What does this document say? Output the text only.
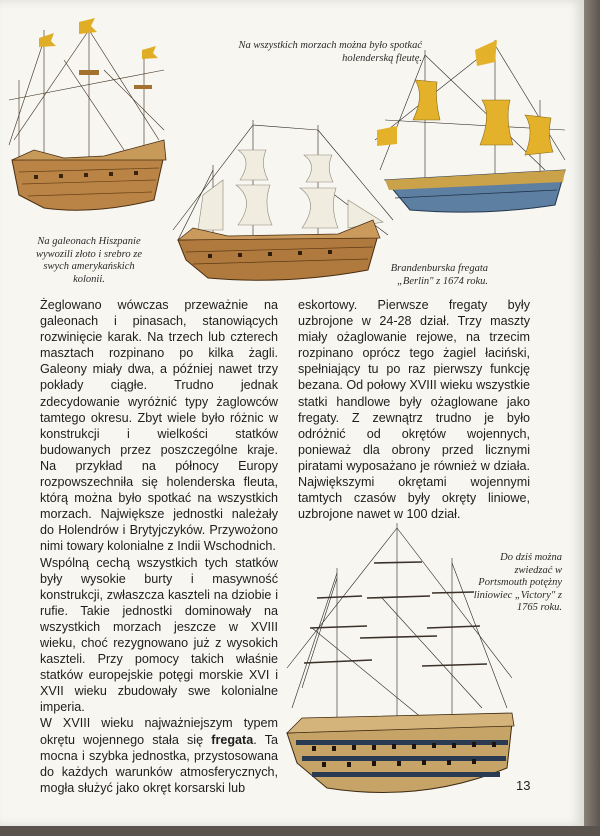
Na wszystkich morzach można było spotkać holenderską fleutę.
Na galeonach Hiszpanie wywozili złoto i srebro ze swych amerykańskich kolonii.
Brandenburska fregata „Berlin" z 1674 roku.

Żeglowano wówczas przeważnie na galeonach i pinasach, stanowiących rozwinięcie karak. Na trzech lub czterech masztach rozpinano po kilka żagli. Galeony miały dwa, a później nawet trzy pokłady ciągłe. Trudno jednak zdecydowanie wyróżnić typy żaglowców tamtego okresu. Zbyt wiele było różnic w konstrukcji i wielkości statków budowanych przez poszczególne kraje. Na przykład na północy Europy rozpowszechniła się holenderska fleuta, którą można było spotkać na wszystkich morzach. Największe jednostki należały do Holendrów i Brytyjczyków. Przywożono nimi towary kolonialne z Indii Wschodnich.

Wspólną cechą wszystkich tych statków były wysokie burty i masywność konstrukcji, zwłaszcza kaszteli na dziobie i rufie. Takie jednostki dominowały na wszystkich morzach jeszcze w XVIII wieku, choć rezygnowano już z wysokich kaszteli. Przy pomocy takich właśnie statków europejskie potęgi morskie XVI i XVII wieku zbudowały swe kolonialne imperia.

W XVIII wieku najważniejszym typem okrętu wojennego stała się fregata. Ta mocna i szybka jednostka, przystosowana do każdych warunków atmosferycznych, mogła służyć jako okręt korsarski lub

eskortowy. Pierwsze fregaty były uzbrojone w 24-28 dział. Trzy maszty miały ożaglowanie rejowe, na trzecim rozpinano oprócz tego żagiel łaciński, spełniający tu po raz pierwszy funkcję bezana. Od połowy XVIII wieku wszystkie statki handlowe były ożaglowane jako fregaty. Z zewnątrz trudno je było odróżnić od okrętów wojennych, ponieważ dla obrony przed licznymi piratami wyposażano je również w działa. Największymi okrętami wojennymi tamtych czasów były okręty liniowe, uzbrojone nawet w 100 dział.

Do dziś można zwiedzać w Portsmouth potężny liniowiec „Victory" z 1765 roku.
13
